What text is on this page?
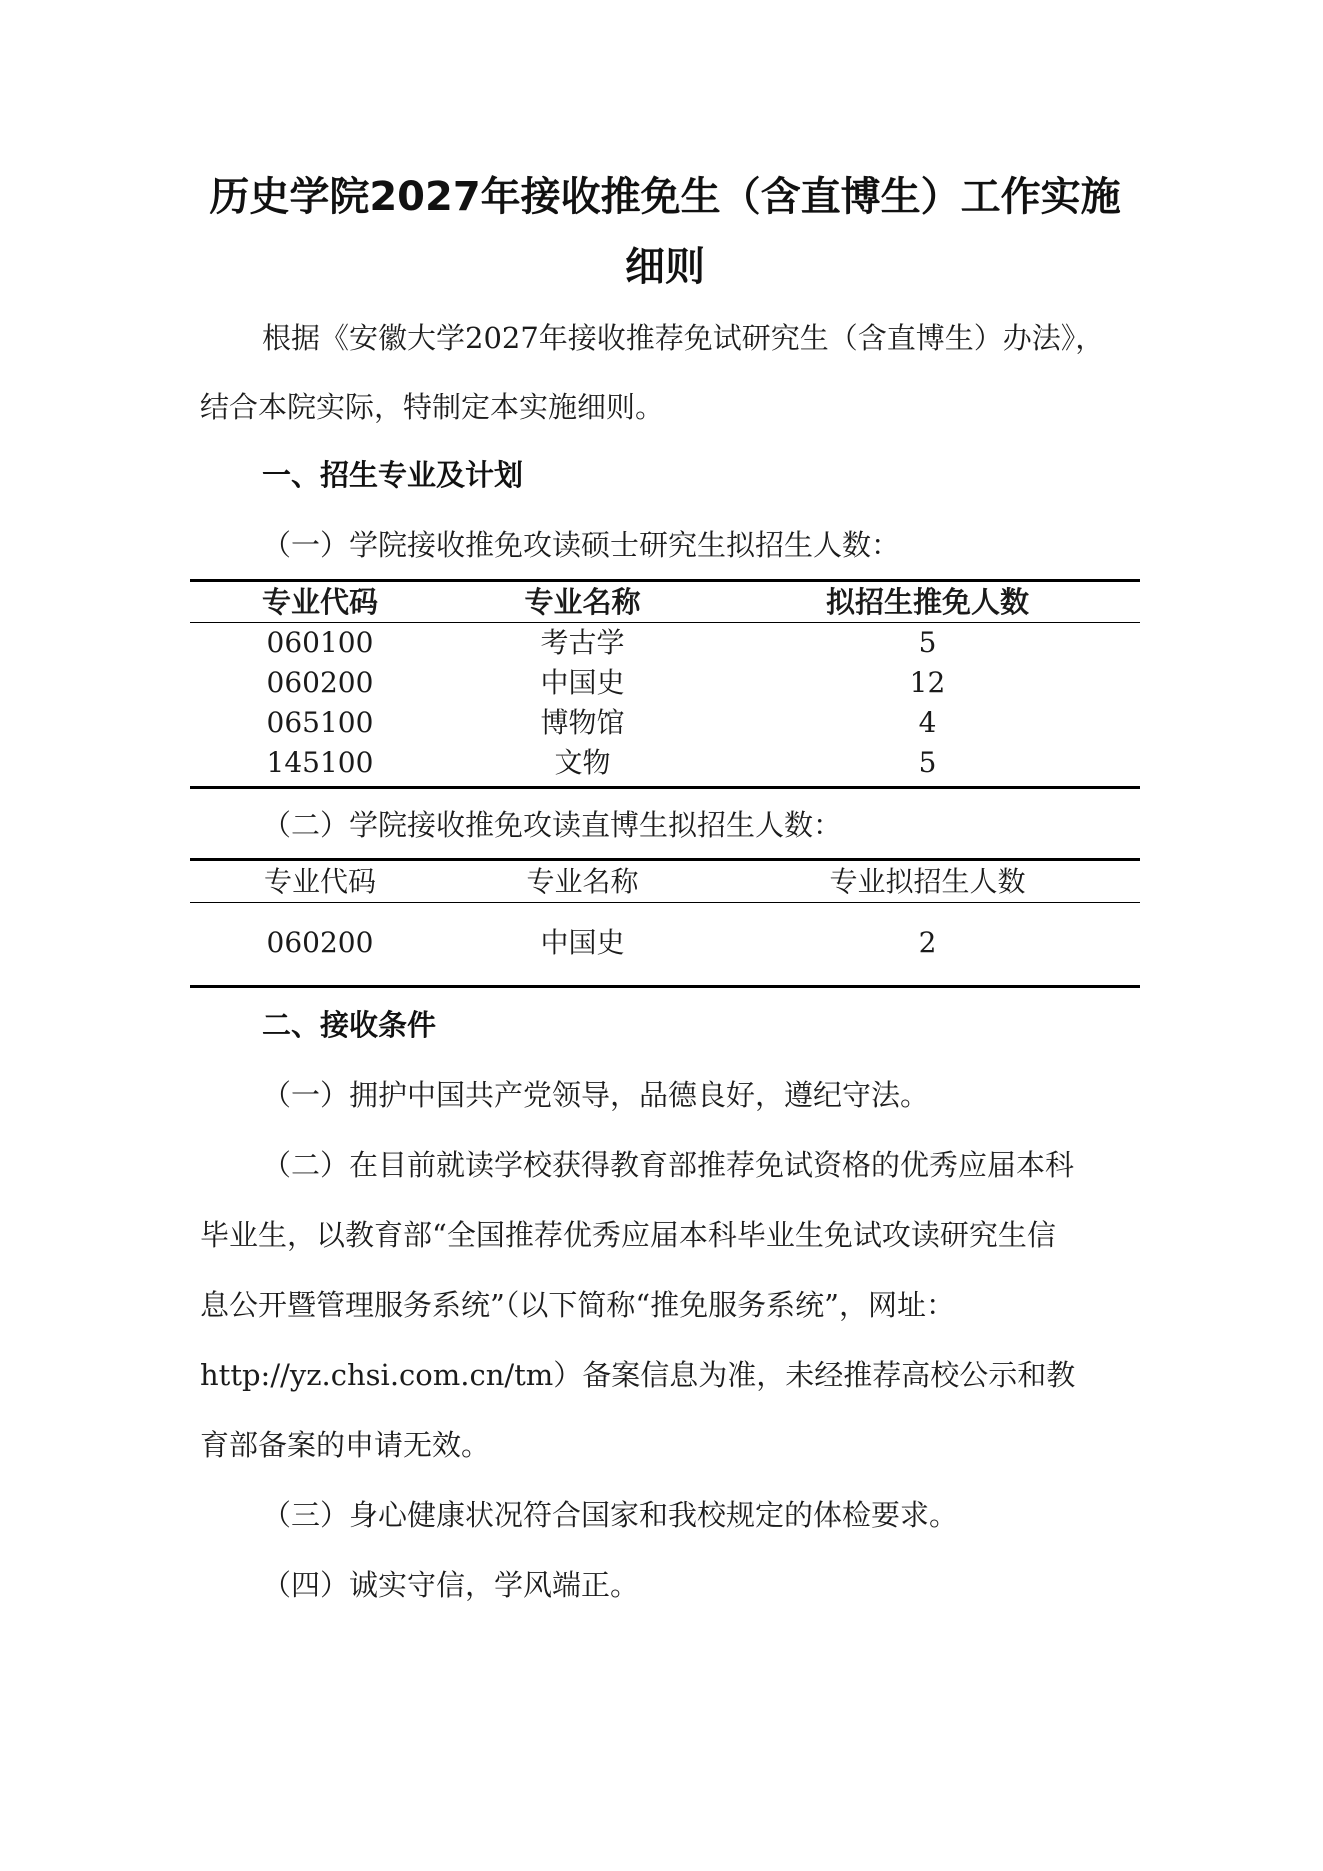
历史学院2027年接收推免生（含直博生）工作实施
细则
根据《安徽大学2027年接收推荐免试研究生（含直博生）办法》，
结合本院实际，特制定本实施细则。
一、招生专业及计划
（一）学院接收推免攻读硕士研究生拟招生人数：
专业代码	专业名称	拟招生推免人数
060100	考古学	5
060200	中国史	12
065100	博物馆	4
145100	文物	5
（二）学院接收推免攻读直博生拟招生人数：
专业代码	专业名称	专业拟招生人数
060200	中国史	2
二、接收条件
（一）拥护中国共产党领导，品德良好，遵纪守法。
（二）在目前就读学校获得教育部推荐免试资格的优秀应届本科
毕业生，以教育部“全国推荐优秀应届本科毕业生免试攻读研究生信
息公开暨管理服务系统”（以下简称“推免服务系统”，网址：
http://yz.chsi.com.cn/tm）备案信息为准，未经推荐高校公示和教
育部备案的申请无效。
（三）身心健康状况符合国家和我校规定的体检要求。
（四）诚实守信，学风端正。
